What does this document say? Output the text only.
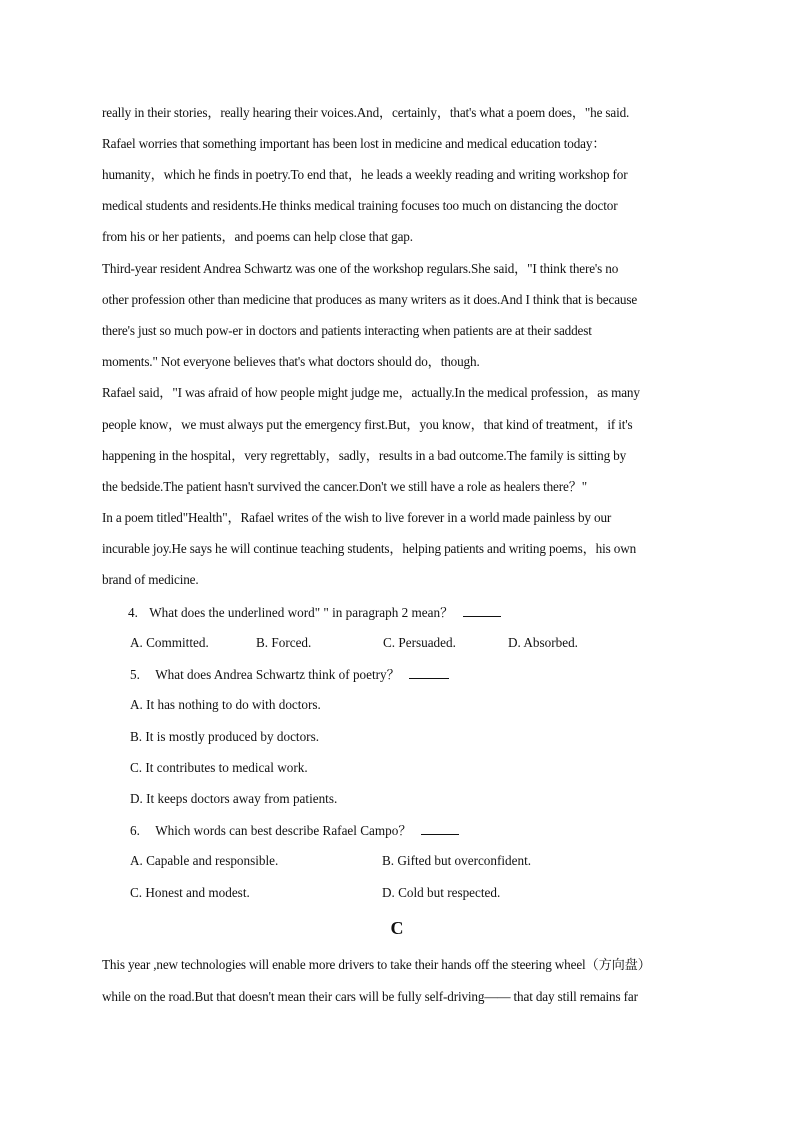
really in their stories，really hearing their voices.And，certainly，that's what a poem does，"he said.
Rafael worries that something important has been lost in medicine and medical education today：
humanity，which he finds in poetry.To end that，he leads a weekly reading and writing workshop for
medical students and residents.He thinks medical training focuses too much on distancing the doctor
from his or her patients，and poems can help close that gap.
Third-year resident Andrea Schwartz was one of the workshop regulars.She said，"I think there's no
other profession other than medicine that produces as many writers as it does.And I think that is because
there's just so much pow-er in doctors and patients interacting when patients are at their saddest
moments." Not everyone believes that's what doctors should do，though.
Rafael said，"I was afraid of how people might judge me，actually.In the medical profession，as many
people know，we must always put the emergency first.But，you know，that kind of treatment，if it's
happening in the hospital，very regrettably，sadly，results in a bad outcome.The family is sitting by
the bedside.The patient hasn't survived the cancer.Don't we still have a role as healers there？"
In a poem titled"Health"，Rafael writes of the wish to live forever in a world made painless by our
incurable joy.He says he will continue teaching students，helping patients and writing poems，his own
brand of medicine.
4. What does the underlined word" " in paragraph 2 mean？
A. Committed.	B. Forced.	C. Persuaded.	D. Absorbed.
5. What does Andrea Schwartz think of poetry？
A. It has nothing to do with doctors.
B. It is mostly produced by doctors.
C. It contributes to medical work.
D. It keeps doctors away from patients.
6. Which words can best describe Rafael Campo？
A. Capable and responsible.	B. Gifted but overconfident.
C. Honest and modest.	D. Cold but respected.
C
This year ,new technologies will enable more drivers to take their hands off the steering wheel（方向盘）
while on the road.But that doesn't mean their cars will be fully self-driving—— that day still remains far
